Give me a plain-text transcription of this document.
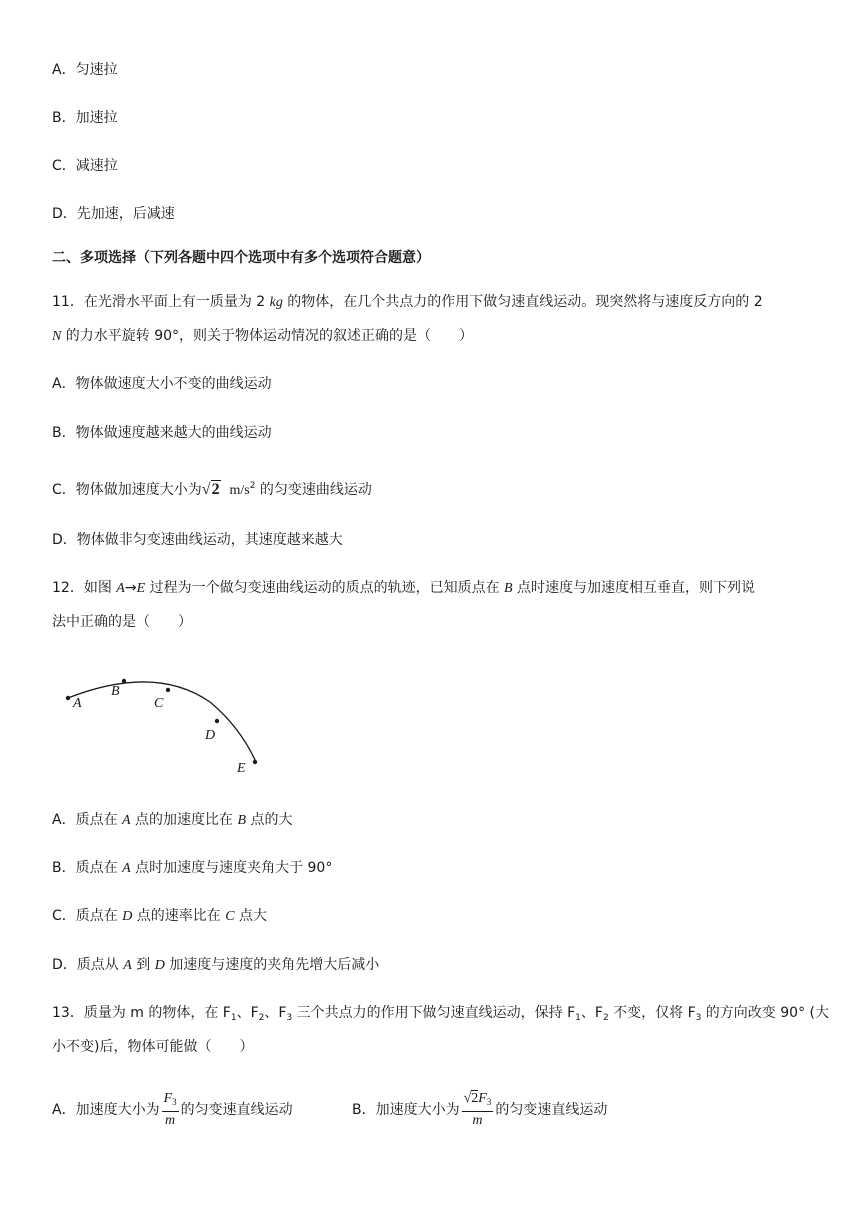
A．匀速拉
B．加速拉
C．减速拉
D．先加速，后减速
二、多项选择（下列各题中四个选项中有多个选项符合题意）
11．在光滑水平面上有一质量为 2 kg 的物体，在几个共点力的作用下做匀速直线运动。现突然将与速度反方向的 2
N 的力水平旋转 90°，则关于物体运动情况的叙述正确的是（　　）
A．物体做速度大小不变的曲线运动
B．物体做速度越来越大的曲线运动
C．物体做加速度大小为√2 $m/s^2$ 的匀变速曲线运动
D．物体做非匀变速曲线运动，其速度越来越大
12．如图 A→E 过程为一个做匀变速曲线运动的质点的轨迹，已知质点在 B 点时速度与加速度相互垂直，则下列说
法中正确的是（　　）
A
B
C
D
E
A．质点在 A 点的加速度比在 B 点的大
B．质点在 A 点时加速度与速度夹角大于 90°
C．质点在 D 点的速率比在 C 点大
D．质点从 A 到 D 加速度与速度的夹角先增大后减小
13．质量为 m 的物体，在 $F_1$、$F_2$、$F_3$ 三个共点力的作用下做匀速直线运动，保持 $F_1$、$F_2$ 不变，仅将 $F_3$ 的方向改变 90° (大
小不变)后，物体可能做（　　）
A．加速度大小为 $\frac{F_3}{m}$ 的匀变速直线运动	B．加速度大小为 $\frac{√2F_3}{m}$ 的匀变速直线运动
